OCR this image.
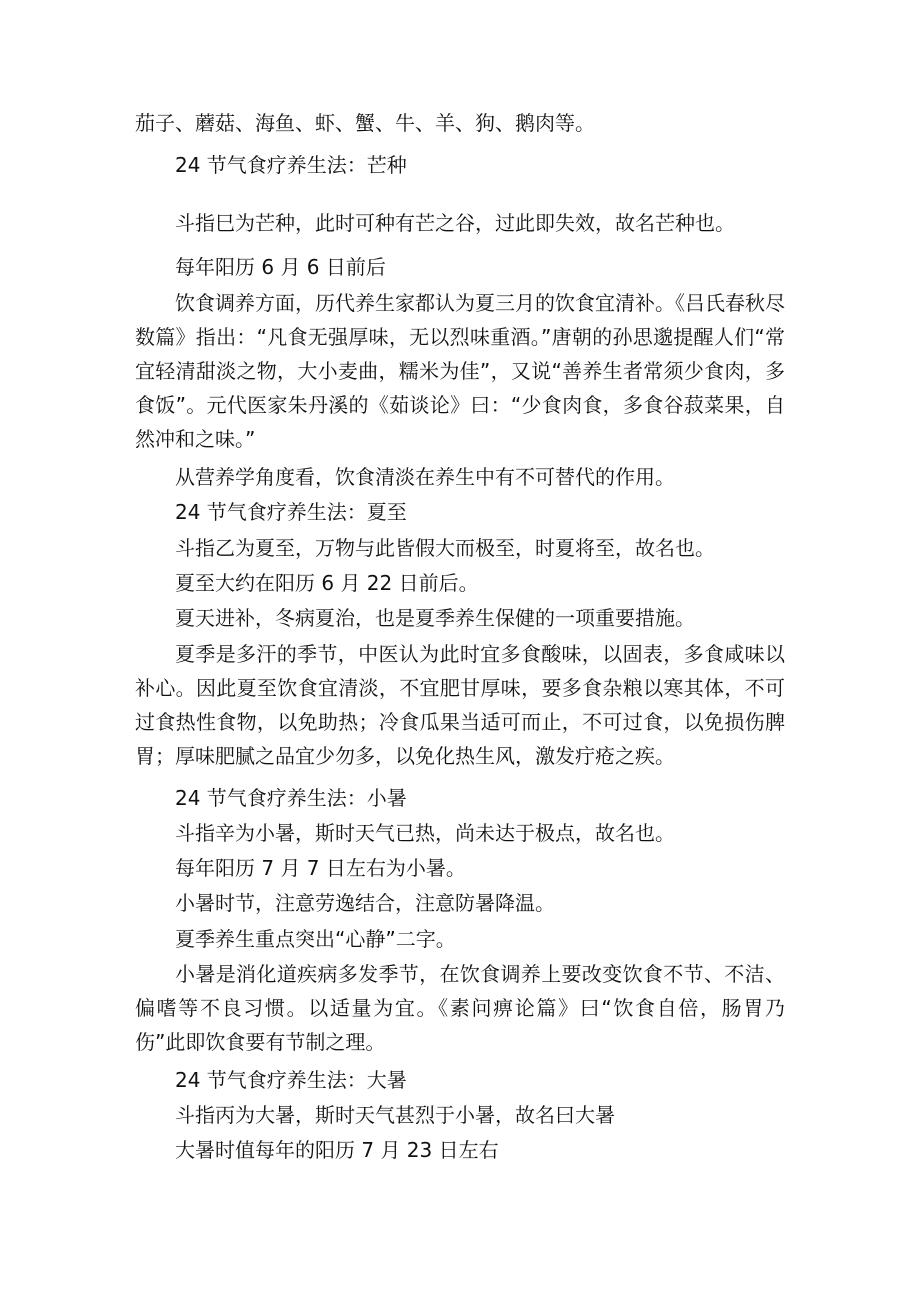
茄子、蘑菇、海鱼、虾、蟹、牛、羊、狗、鹅肉等。

24 节气食疗养生法：芒种

斗指巳为芒种，此时可种有芒之谷，过此即失效，故名芒种也。

每年阳历 6 月 6 日前后

饮食调养方面，历代养生家都认为夏三月的饮食宜清补。《吕氏春秋尽数篇》指出：“凡食无强厚味，无以烈味重酒。”唐朝的孙思邈提醒人们“常宜轻清甜淡之物，大小麦曲，糯米为佳”，又说“善养生者常须少食肉，多食饭”。元代医家朱丹溪的《茹谈论》曰：“少食肉食，多食谷菽菜果，自然冲和之味。”

从营养学角度看，饮食清淡在养生中有不可替代的作用。

24 节气食疗养生法：夏至

斗指乙为夏至，万物与此皆假大而极至，时夏将至，故名也。

夏至大约在阳历 6 月 22 日前后。

夏天进补，冬病夏治，也是夏季养生保健的一项重要措施。

夏季是多汗的季节，中医认为此时宜多食酸味，以固表，多食咸味以补心。因此夏至饮食宜清淡，不宜肥甘厚味，要多食杂粮以寒其体，不可过食热性食物，以免助热；冷食瓜果当适可而止，不可过食，以免损伤脾胃；厚味肥腻之品宜少勿多，以免化热生风，激发疔疮之疾。

24 节气食疗养生法：小暑

斗指辛为小暑，斯时天气已热，尚未达于极点，故名也。

每年阳历 7 月 7 日左右为小暑。

小暑时节，注意劳逸结合，注意防暑降温。

夏季养生重点突出“心静”二字。

小暑是消化道疾病多发季节，在饮食调养上要改变饮食不节、不洁、偏嗜等不良习惯。以适量为宜。《素问痹论篇》曰“饮食自倍，肠胃乃伤”此即饮食要有节制之理。

24 节气食疗养生法：大暑

斗指丙为大暑，斯时天气甚烈于小暑，故名曰大暑

大暑时值每年的阳历 7 月 23 日左右
